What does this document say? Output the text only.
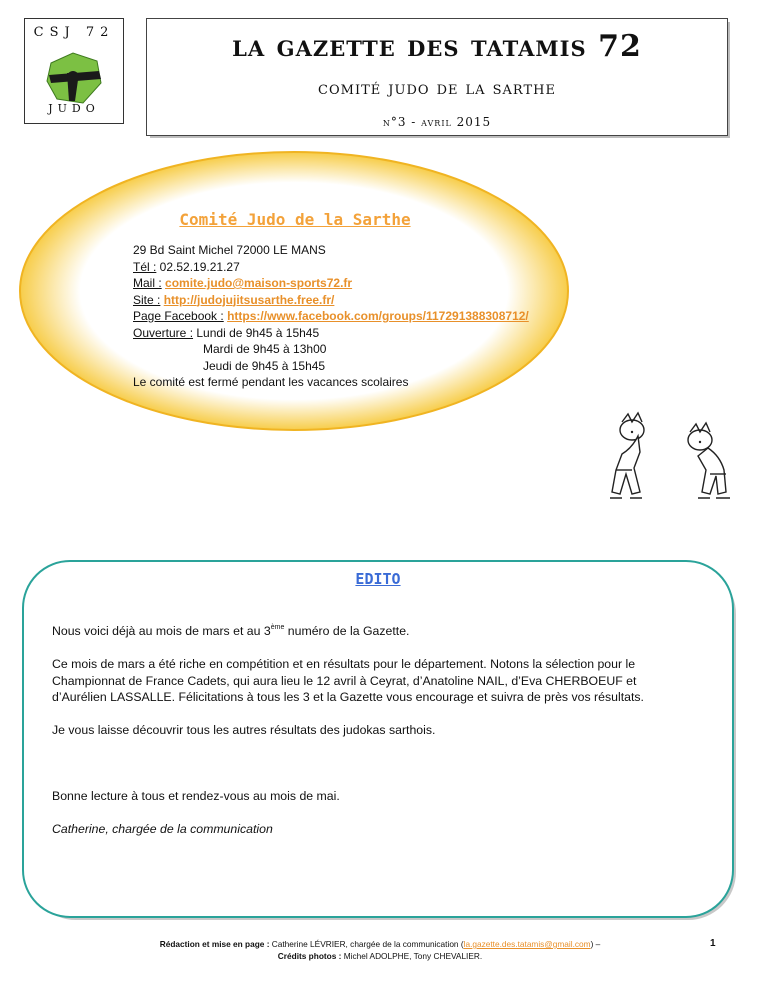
CSJ 72
JUDO
la gazette des tatamis 72
comité judo de la sarthe
n°3 - avril 2015
Comité Judo de la Sarthe
29 Bd Saint Michel 72000 LE MANS
Tél : 02.52.19.21.27
Mail : comite.judo@maison-sports72.fr
Site : http://judojujitsusarthe.free.fr/
Page Facebook : https://www.facebook.com/groups/117291388308712/
Ouverture : Lundi de 9h45 à 15h45
Mardi de 9h45 à 13h00
Jeudi de 9h45 à 15h45
Le comité est fermé pendant les vacances scolaires
EDITO

Nous voici déjà au mois de mars et au 3ème numéro de la Gazette.

Ce mois de mars a été riche en compétition et en résultats pour le département. Notons la sélection pour le Championnat de France Cadets, qui aura lieu le 12 avril à Ceyrat, d’Anatoline NAIL, d’Eva CHERBOEUF et d’Aurélien LASSALLE. Félicitations à tous les 3 et la Gazette vous encourage et suivra de près vos résultats.

Je vous laisse découvrir tous les autres résultats des judokas sarthois.

Bonne lecture à tous et rendez-vous au mois de mai.

Catherine, chargée de la communication

Rédaction et mise en page : Catherine LÉVRIER, chargée de la communication (la.gazette.des.tatamis@gmail.com) –
Crédits photos : Michel ADOLPHE, Tony CHEVALIER.
1
